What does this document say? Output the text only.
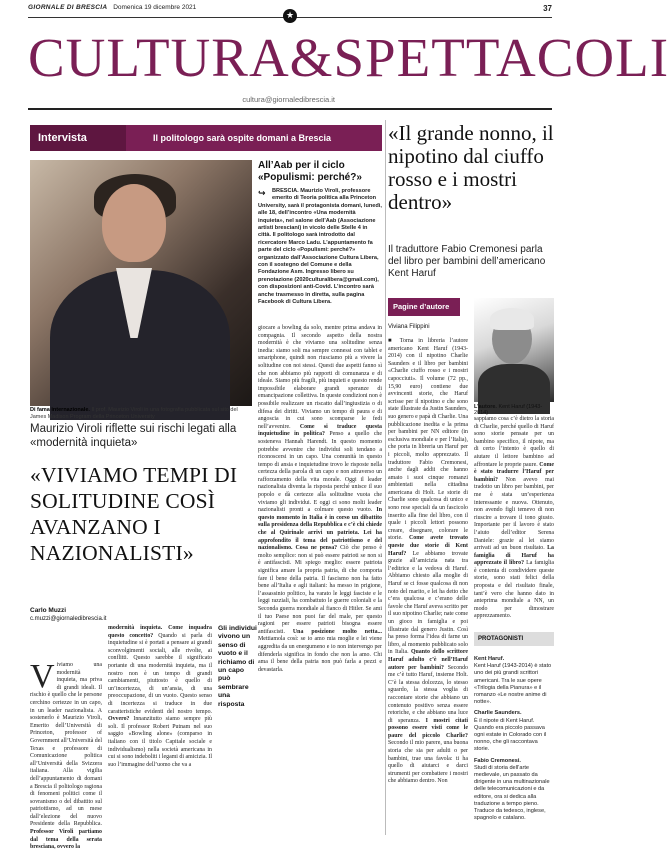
GIORNALE DI BRESCIA Domenica 19 dicembre 2021	37
★
CULTURA&SPETTACOLI
cultura@giornaledibrescia.it
Intervista	Il politologo sarà ospite domani a Brescia
Di fama internazionale. Il prof. Maurizio Viroli in una fotografia pubblicata sul sito del James Madison Program della Princeton University
All’Aab per il ciclo «Populismi: perché?»
↪	BRESCIA. Maurizio Viroli, professore emerito di Teoria politica alla Princeton University, sarà il protagonista domani, lunedì, alle 18, dell’incontro «Una modernità inquieta», nel salone dell’Aab (Associazione artisti bresciani) in vicolo delle Stelle 4 in città. Il politologo sarà introdotto dal ricercatore Marco Ladu. L’appuntamento fa parte del ciclo «Populismi: perché?» organizzato dall’Associazione Cultura Libera, con il sostegno del Comune e della Fondazione Asm. Ingresso libero su prenotazione (2020culturalibera@gmail.com), con disposizioni anti-Covid. L’incontro sarà anche trasmesso in diretta, sulla pagina Facebook di Cultura Libera.
Maurizio Viroli riflette sui rischi legati alla «modernità inquieta»
«VIVIAMO TEMPI DI SOLITUDINE COSÌ AVANZANO I NAZIONALISTI»
Carlo Muzzi
c.muzzi@giornaledibrescia.it
Viviamo una modernità inquieta, ma priva di grandi ideali. Il rischio è quello che le persone cerchino certezze in un capo, in un leader nazionalista. A sostenerlo è Maurizio Viroli, Emerito dell’Università di Princeton, professor of Government all’Università del Texas e professore di Comunicazione politica all’Università della Svizzera italiana. Alla vigilia dell’appuntamento di domani a Brescia il politologo ragiona di fenomeni politici come il sovranismo o del dibattito sul patriottismo, ad un mese dall’elezione del nuovo Presidente della Repubblica. Professor Viroli partiamo dal tema della serata bresciana, ovvero la
modernità inquieta. Come inquadra questo concetto? Quando si parla di inquietudine si è portati a pensare ai grandi sconvolgimenti sociali, alle rivolte, ai conflitti. Questo sarebbe il significato portante di una modernità inquieta, ma il nostro non è un tempo di grandi cambiamenti, piuttosto è quello di un’incertezza, di un’ansia, di una preoccupazione, di un vuoto. Questo senso di incertezza si traduce in due caratteristiche evidenti del nostro tempo. Ovvero? Innanzitutto siamo sempre più soli. Il professor Robert Putnam nel suo saggio «Bowling alone» (comparso in italiano con il titolo Capitale sociale e individualismo) nella società americana in cui si sono indeboliti i legami di amicizia. Il suo l’immagine dell’uomo che va a
Gli individui vivono un senso di vuoto e il richiamo di un capo può sembrare una risposta
giocare a bowling da solo, mentre prima andava in compagnia. Il secondo aspetto della nostra modernità è che viviamo una solitudine senza inedia: siamo soli ma sempre connessi con tablet e smartphone, quindi non riusciamo più a vivere la solitudine con noi stessi. Questi due aspetti fanno sì che non abbiamo più rapporti di comunanza e di ideale. Siamo più fragili, più inquieti e questo rende impossibile elaborare grandi speranze di emancipazione collettiva. In queste condizioni non è possibile realizzare un riscatto dall’ingiustizia o di difesa dei diritti. Viviamo un tempo di paura e di angoscia in cui sono scomparse le fedi nell’avvenire. Come si traduce questa inquietudine in politica? Penso a quello che sosteneva Hannah Harendt. In questo momento potrebbe avvenire che individui soli tendano a riconoscersi in un capo. Una comunità in questo tempo di ansia e inquietudine trovo le risposte nella certezza della parola di un capo e non attraverso un rafforzamento della vita morale. Oggi il leader nazionalista diventa la risposta perché unisce il suo popolo e dà certezze alla solitudine vuota che viviamo gli individui. E oggi ci sono molti leader nazionalisti pronti a colmare questo vuoto. In questo momento in Italia è in corso un dibattito sulla presidenza della Repubblica e c’è chi chiede che al Quirinale arrivi un patriota. Lei ha approfondito il tema del patriottismo e del nazionalismo. Cosa ne pensa? Ciò che penso è molto semplice: non si può essere patrioti se non si è antifascisti. Mi spiego meglio: essere patriota significa amare la propria patria, di che comporta fare il bene della patria. Il fascismo non ha fatto bene all’Italia e agli italiani: ha messo in prigione, l’assassinio politico, ha varato le leggi fasciste e le leggi razziali, ha combattuto le guerre coloniali e la Seconda guerra mondiale al fianco di Hitler. Se ami il tuo Paese non puoi far del male, per questo ragioni per essere patrioti bisogna essere antifascisti. Una posizione molto netta... Mettiamola così: se io amo mia moglie e lei viene aggredita da un energumeno e io non intervengo per difenderla significa in fondo che non la amo. Chi ama il bene della patria non può farla a pezzi e devastarla.
«Il grande nonno, il nipotino dal ciuffo rosso e i mostri dentro»
Il traduttore Fabio Cremonesi parla del libro per bambini dell’americano Kent Haruf
Pagine d’autore
Viviana Filippini
L’autore. Kent Haruf (1943-2014)
■ Torna in libreria l’autore americano Kent Haruf (1943-2014) con il nipotino Charlie Saunders e il libro per bambini «Charlie ciuffo rosso e i mostri capocciuti». Il volume (72 pp., 15,90 euro) contiene due avvincenti storie, che Haruf scrisse per il nipotino e che sono state illustrate da Justin Saunders, suo genero e papà di Charlie. Una pubblicazione inedita e la prima per bambini per NN editore (in esclusiva mondiale e per l’Italia), che porta in libreria un Haruf per i piccoli, molto apprezzato. Il traduttore Fabio Cremonesi, anche dagli addii che hanno amato i suoi cinque romanzi ambientati nella cittadina americana di Holt. Le storie di Charlie sono qualcosa di unico e sono rese speciali da un fascicolo inserito alla fine del libro, con il quale i piccoli lettori possono creare, disegnare, colorare le storie. Come avete trovato queste due storie di Kent Haruf? Le abbiamo trovate grazie all’amicizia nata tra l’editrice e la vedova di Haruf. Abbiamo chiesto alla moglie di Haruf se ci fosse qualcosa di non noto del marito, e lei ha detto che c’era qualcosa e c’erano delle favole che Haruf aveva scritto per il suo nipotino Charlie; nate come un gioco in famiglia e poi illustrate dal genero Justin. Così ha preso forma l’idea di farne un libro, al momento pubblicato solo in Italia. Quanto dello scrittore Haruf adulto c’è nell’Haruf autore per bambini? Secondo me c’è tutto Haruf, insieme Holt. C’è la stessa dolcezza, lo stesso sguardo, la stessa voglia di raccontare storie che abbiano un contenuto positivo senza essere retoriche, e che abbiano una luce di speranza. I mostri citati possono essere visti come le paure del piccolo Charlie? Secondo il mio parere, una buona storia che sia per adulti o per bambini, trae una favola: ti ha quello di aiutarci e darci strumenti per combattere i mostri che abbiamo dentro. Non
sappiamo cosa c’è dietro la storia di Charlie, perché quello di Haruf sono storie pensate per un bambino specifico, il nipote, ma di certo l’intento è quello di aiutare il lettore bambino ad affrontare le proprie paure. Come è stato tradurre l’Haruf per bambini? Non avevo mai tradotto un libro per bambini, per me è stata un’esperienza interessante e nuova. Ottenuto, non avendo figli temevo di non riuscire a trovare il tono giusto. Importante per il lavoro è stato l’aiuto dell’editor Serena Daniele: grazie al lei siamo arrivati ad un buon risultato. La famiglia di Haruf ha apprezzato il libro? La famiglia è contenta di condividere queste storie, sono stati felici della proposta e del risultato finale, tant’è vero che hanno dato in anteprima mondiale a NN, un modo per dimostrare apprezzamento.
PROTAGONISTI
Kent Haruf.
Kent Haruf (1943-2014) è stato uno dei più grandi scrittori americani. Tra le sue opere «Trilogia della Pianura» e il romanzo «Le nostre anime di notte».
Charlie Saunders.
È il nipote di Kent Haruf. Quando era piccolo passava ogni estate in Colorado con il nonno, che gli raccontava storie.
Fabio Cremonesi.
Studi di storia dell’arte medievale, un passato da dirigente in una multinazionale delle telecomunicazioni e da editore, ora si dedica alla traduzione a tempo pieno. Traduce da tedesco, inglese, spagnolo e catalano.
